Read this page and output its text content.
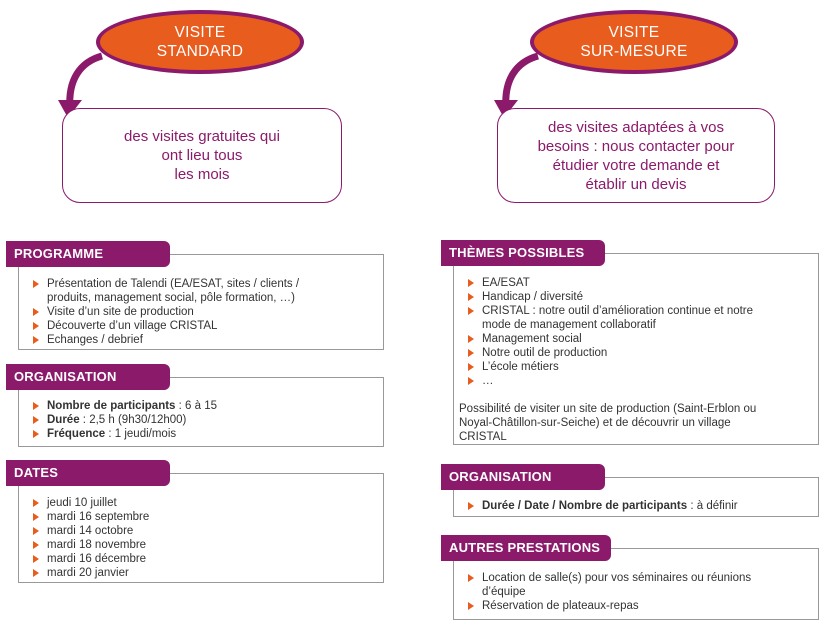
VISITE
STANDARD
des visites gratuites qui
ont lieu tous
les mois
VISITE
SUR-MESURE
des visites adaptées à vos
besoins : nous contacter pour
étudier votre demande et
établir un devis
Présentation de Talendi (EA/ESAT, sites / clients /
produits, management social, pôle formation, …)
Visite d’un site de production
Découverte d’un village CRISTAL
Echanges / debrief
PROGRAMME
Nombre de participants : 6 à 15
Durée : 2,5 h (9h30/12h00)
Fréquence : 1 jeudi/mois
ORGANISATION
jeudi 10 juillet
mardi 16 septembre
mardi 14 octobre
mardi 18 novembre
mardi 16 décembre
mardi 20 janvier
DATES
EA/ESAT
Handicap / diversité
CRISTAL : notre outil d’amélioration continue et notre
mode de management collaboratif
Management social
Notre outil de production
L’école métiers
…
Possibilité de visiter un site de production (Saint-Erblon ou
Noyal-Châtillon-sur-Seiche) et de découvrir un village
CRISTAL
THÈMES POSSIBLES
Durée / Date / Nombre de participants : à définir
ORGANISATION
Location de salle(s) pour vos séminaires ou réunions
d’équipe
Réservation de plateaux-repas
AUTRES PRESTATIONS
